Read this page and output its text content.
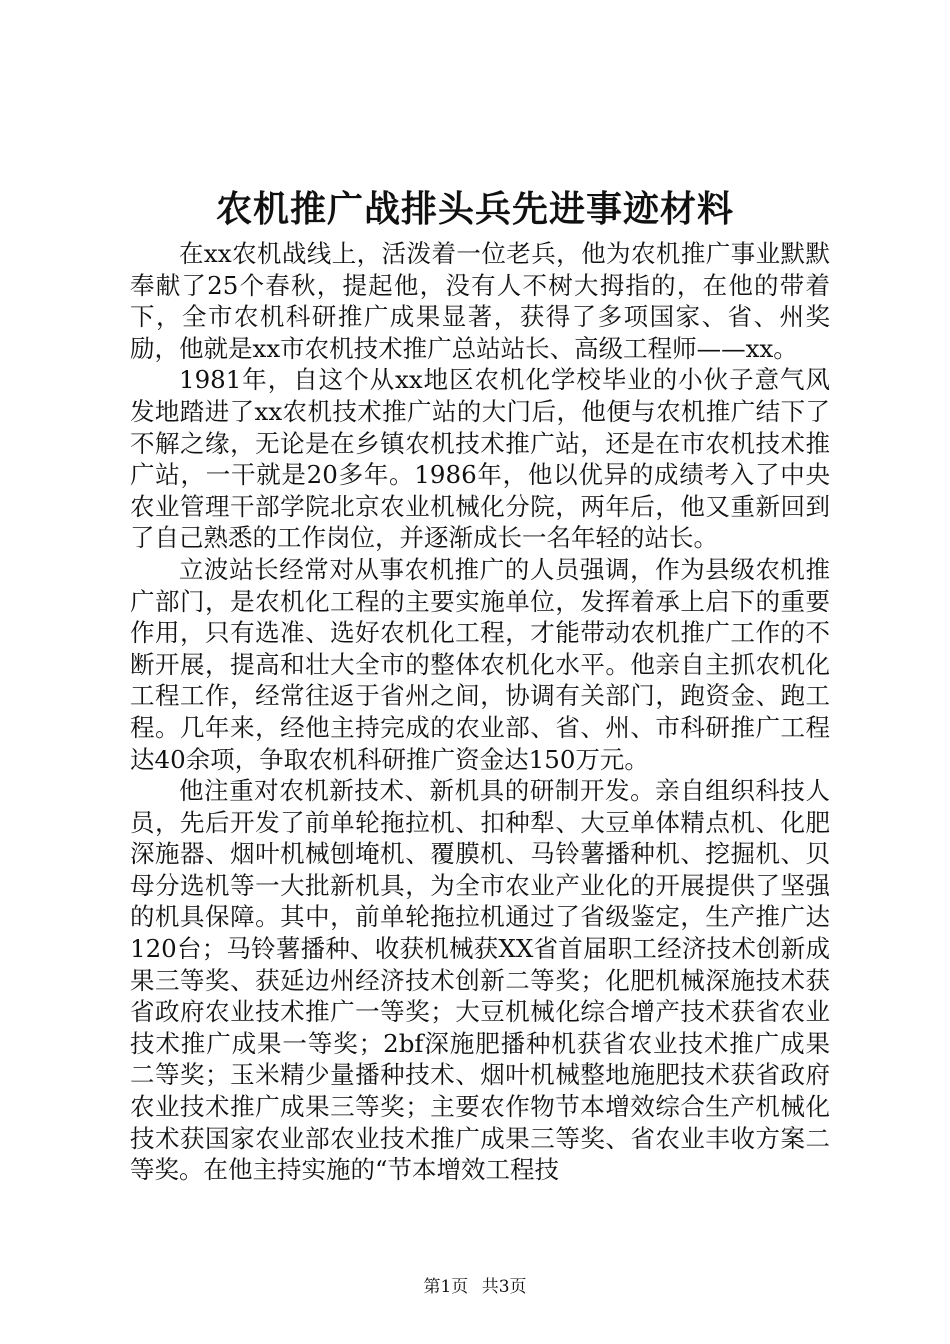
农机推广战排头兵先进事迹材料

在xx农机战线上，活泼着一位老兵，他为农机推广事业默默奉献了25个春秋，提起他，没有人不树大拇指的，在他的带着下，全市农机科研推广成果显著，获得了多项国家、省、州奖励，他就是xx市农机技术推广总站站长、高级工程师——xx。

1981年，自这个从xx地区农机化学校毕业的小伙子意气风发地踏进了xx农机技术推广站的大门后，他便与农机推广结下了不解之缘，无论是在乡镇农机技术推广站，还是在市农机技术推广站，一干就是20多年。1986年，他以优异的成绩考入了中央农业管理干部学院北京农业机械化分院，两年后，他又重新回到了自己熟悉的工作岗位，并逐渐成长一名年轻的站长。

立波站长经常对从事农机推广的人员强调，作为县级农机推广部门，是农机化工程的主要实施单位，发挥着承上启下的重要作用，只有选准、选好农机化工程，才能带动农机推广工作的不断开展，提高和壮大全市的整体农机化水平。他亲自主抓农机化工程工作，经常往返于省州之间，协调有关部门，跑资金、跑工程。几年来，经他主持完成的农业部、省、州、市科研推广工程达40余项，争取农机科研推广资金达150万元。

他注重对农机新技术、新机具的研制开发。亲自组织科技人员，先后开发了前单轮拖拉机、扣种犁、大豆单体精点机、化肥深施器、烟叶机械刨埯机、覆膜机、马铃薯播种机、挖掘机、贝母分选机等一大批新机具，为全市农业产业化的开展提供了坚强的机具保障。其中，前单轮拖拉机通过了省级鉴定，生产推广达120台；马铃薯播种、收获机械获XX省首届职工经济技术创新成果三等奖、获延边州经济技术创新二等奖；化肥机械深施技术获省政府农业技术推广一等奖；大豆机械化综合增产技术获省农业技术推广成果一等奖；2bf深施肥播种机获省农业技术推广成果二等奖；玉米精少量播种技术、烟叶机械整地施肥技术获省政府农业技术推广成果三等奖；主要农作物节本增效综合生产机械化技术获国家农业部农业技术推广成果三等奖、省农业丰收方案二等奖。在他主持实施的“节本增效工程技

第1页 共3页
